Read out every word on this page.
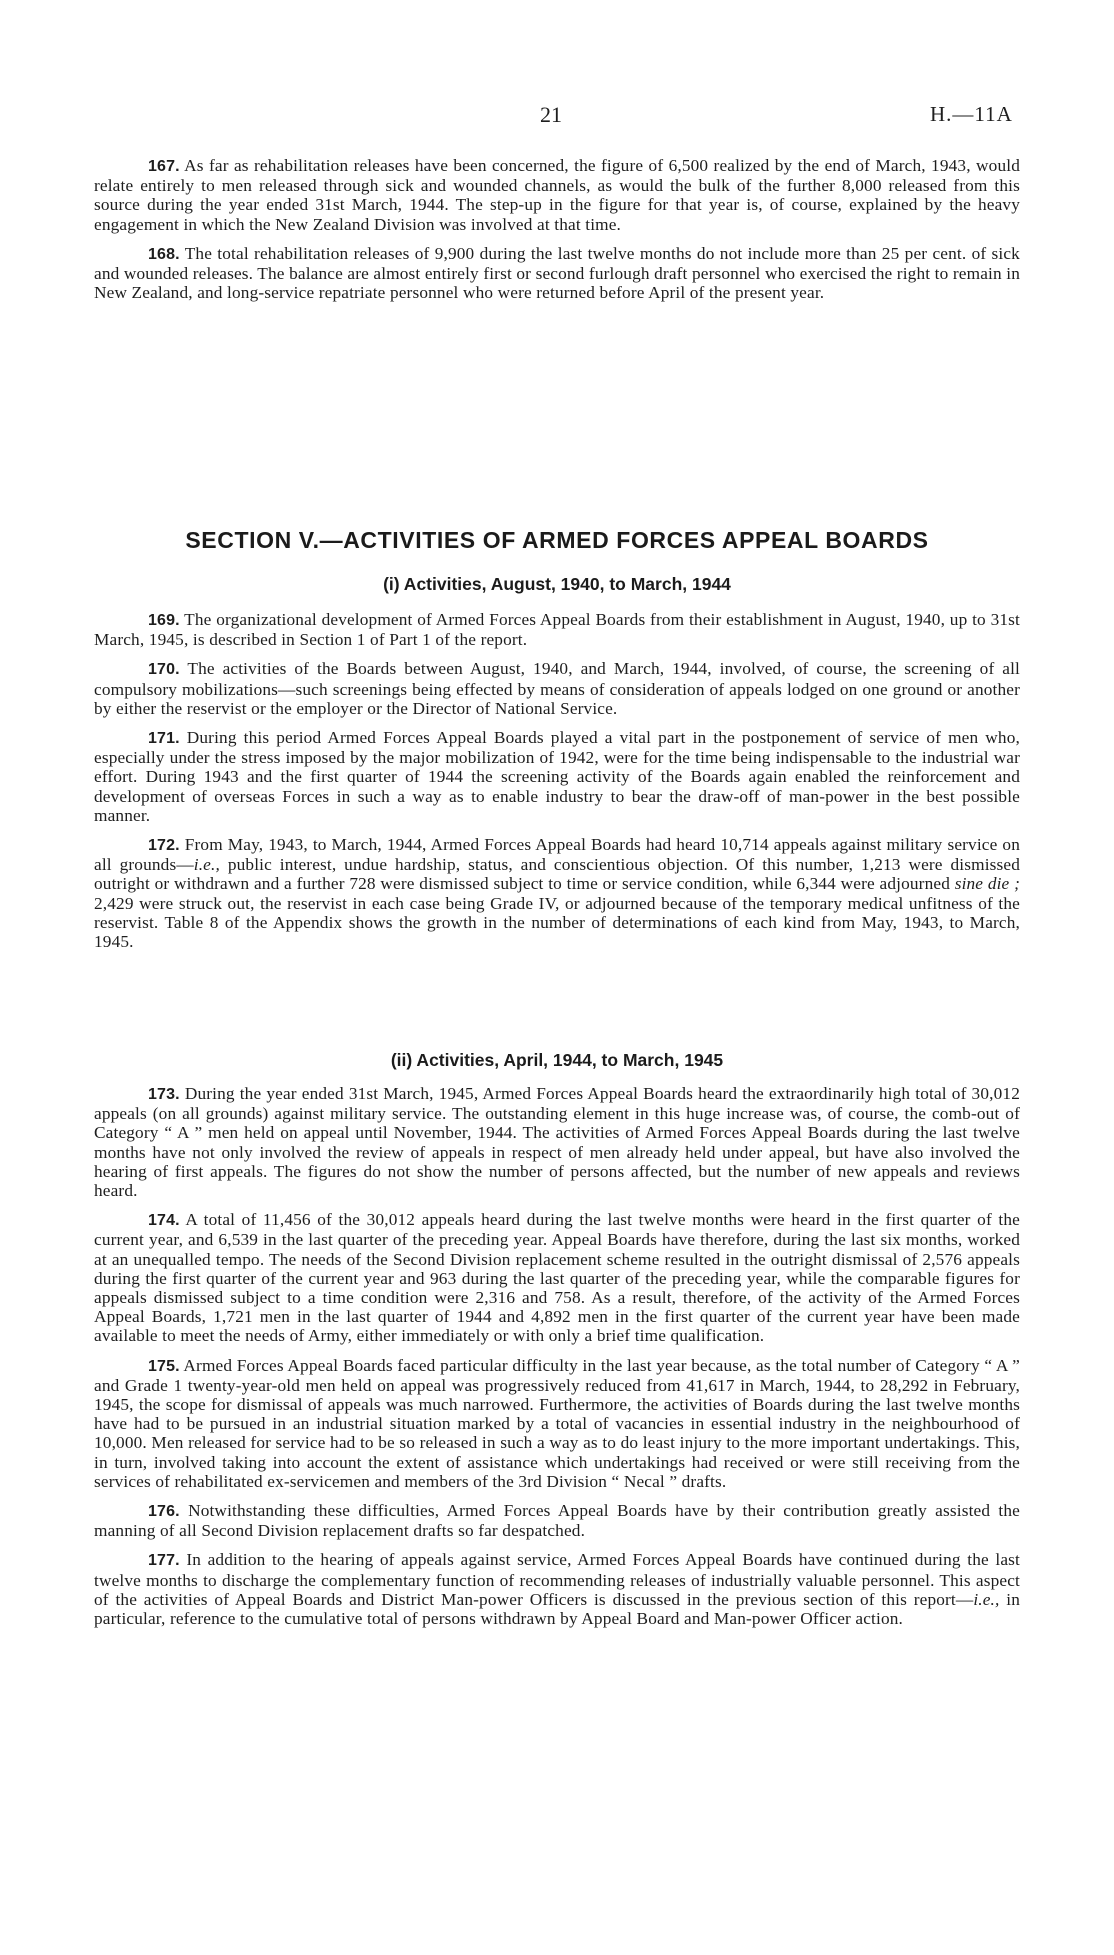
21	H.—11A

167. As far as rehabilitation releases have been concerned, the figure of 6,500 realized by the end of March, 1943, would relate entirely to men released through sick and wounded channels, as would the bulk of the further 8,000 released from this source during the year ended 31st March, 1944. The step-up in the figure for that year is, of course, explained by the heavy engagement in which the New Zealand Division was involved at that time.

168. The total rehabilitation releases of 9,900 during the last twelve months do not include more than 25 per cent. of sick and wounded releases. The balance are almost entirely first or second furlough draft personnel who exercised the right to remain in New Zealand, and long-service repatriate personnel who were returned before April of the present year.

SECTION V.—ACTIVITIES OF ARMED FORCES APPEAL BOARDS
(i) Activities, August, 1940, to March, 1944

169. The organizational development of Armed Forces Appeal Boards from their establishment in August, 1940, up to 31st March, 1945, is described in Section 1 of Part 1 of the report.

170. The activities of the Boards between August, 1940, and March, 1944, involved, of course, the screening of all compulsory mobilizations—such screenings being effected by means of consideration of appeals lodged on one ground or another by either the reservist or the employer or the Director of National Service.

171. During this period Armed Forces Appeal Boards played a vital part in the postponement of service of men who, especially under the stress imposed by the major mobilization of 1942, were for the time being indispensable to the industrial war effort. During 1943 and the first quarter of 1944 the screening activity of the Boards again enabled the reinforcement and development of overseas Forces in such a way as to enable industry to bear the draw-off of man-power in the best possible manner.

172. From May, 1943, to March, 1944, Armed Forces Appeal Boards had heard 10,714 appeals against military service on all grounds—i.e., public interest, undue hardship, status, and conscientious objection. Of this number, 1,213 were dismissed outright or withdrawn and a further 728 were dismissed subject to time or service condition, while 6,344 were adjourned sine die ; 2,429 were struck out, the reservist in each case being Grade IV, or adjourned because of the temporary medical unfitness of the reservist. Table 8 of the Appendix shows the growth in the number of determinations of each kind from May, 1943, to March, 1945.

(ii) Activities, April, 1944, to March, 1945

173. During the year ended 31st March, 1945, Armed Forces Appeal Boards heard the extraordinarily high total of 30,012 appeals (on all grounds) against military service. The outstanding element in this huge increase was, of course, the comb-out of Category “ A ” men held on appeal until November, 1944. The activities of Armed Forces Appeal Boards during the last twelve months have not only involved the review of appeals in respect of men already held under appeal, but have also involved the hearing of first appeals. The figures do not show the number of persons affected, but the number of new appeals and reviews heard.

174. A total of 11,456 of the 30,012 appeals heard during the last twelve months were heard in the first quarter of the current year, and 6,539 in the last quarter of the preceding year. Appeal Boards have therefore, during the last six months, worked at an unequalled tempo. The needs of the Second Division replacement scheme resulted in the outright dismissal of 2,576 appeals during the first quarter of the current year and 963 during the last quarter of the preceding year, while the comparable figures for appeals dismissed subject to a time condition were 2,316 and 758. As a result, therefore, of the activity of the Armed Forces Appeal Boards, 1,721 men in the last quarter of 1944 and 4,892 men in the first quarter of the current year have been made available to meet the needs of Army, either immediately or with only a brief time qualification.

175. Armed Forces Appeal Boards faced particular difficulty in the last year because, as the total number of Category “ A ” and Grade 1 twenty-year-old men held on appeal was progressively reduced from 41,617 in March, 1944, to 28,292 in February, 1945, the scope for dismissal of appeals was much narrowed. Furthermore, the activities of Boards during the last twelve months have had to be pursued in an industrial situation marked by a total of vacancies in essential industry in the neighbourhood of 10,000. Men released for service had to be so released in such a way as to do least injury to the more important undertakings. This, in turn, involved taking into account the extent of assistance which undertakings had received or were still receiving from the services of rehabilitated ex-servicemen and members of the 3rd Division “ Necal ” drafts.

176. Notwithstanding these difficulties, Armed Forces Appeal Boards have by their contribution greatly assisted the manning of all Second Division replacement drafts so far despatched.

177. In addition to the hearing of appeals against service, Armed Forces Appeal Boards have continued during the last twelve months to discharge the complementary function of recommending releases of industrially valuable personnel. This aspect of the activities of Appeal Boards and District Man-power Officers is discussed in the previous section of this report—i.e., in particular, reference to the cumulative total of persons withdrawn by Appeal Board and Man-power Officer action.
